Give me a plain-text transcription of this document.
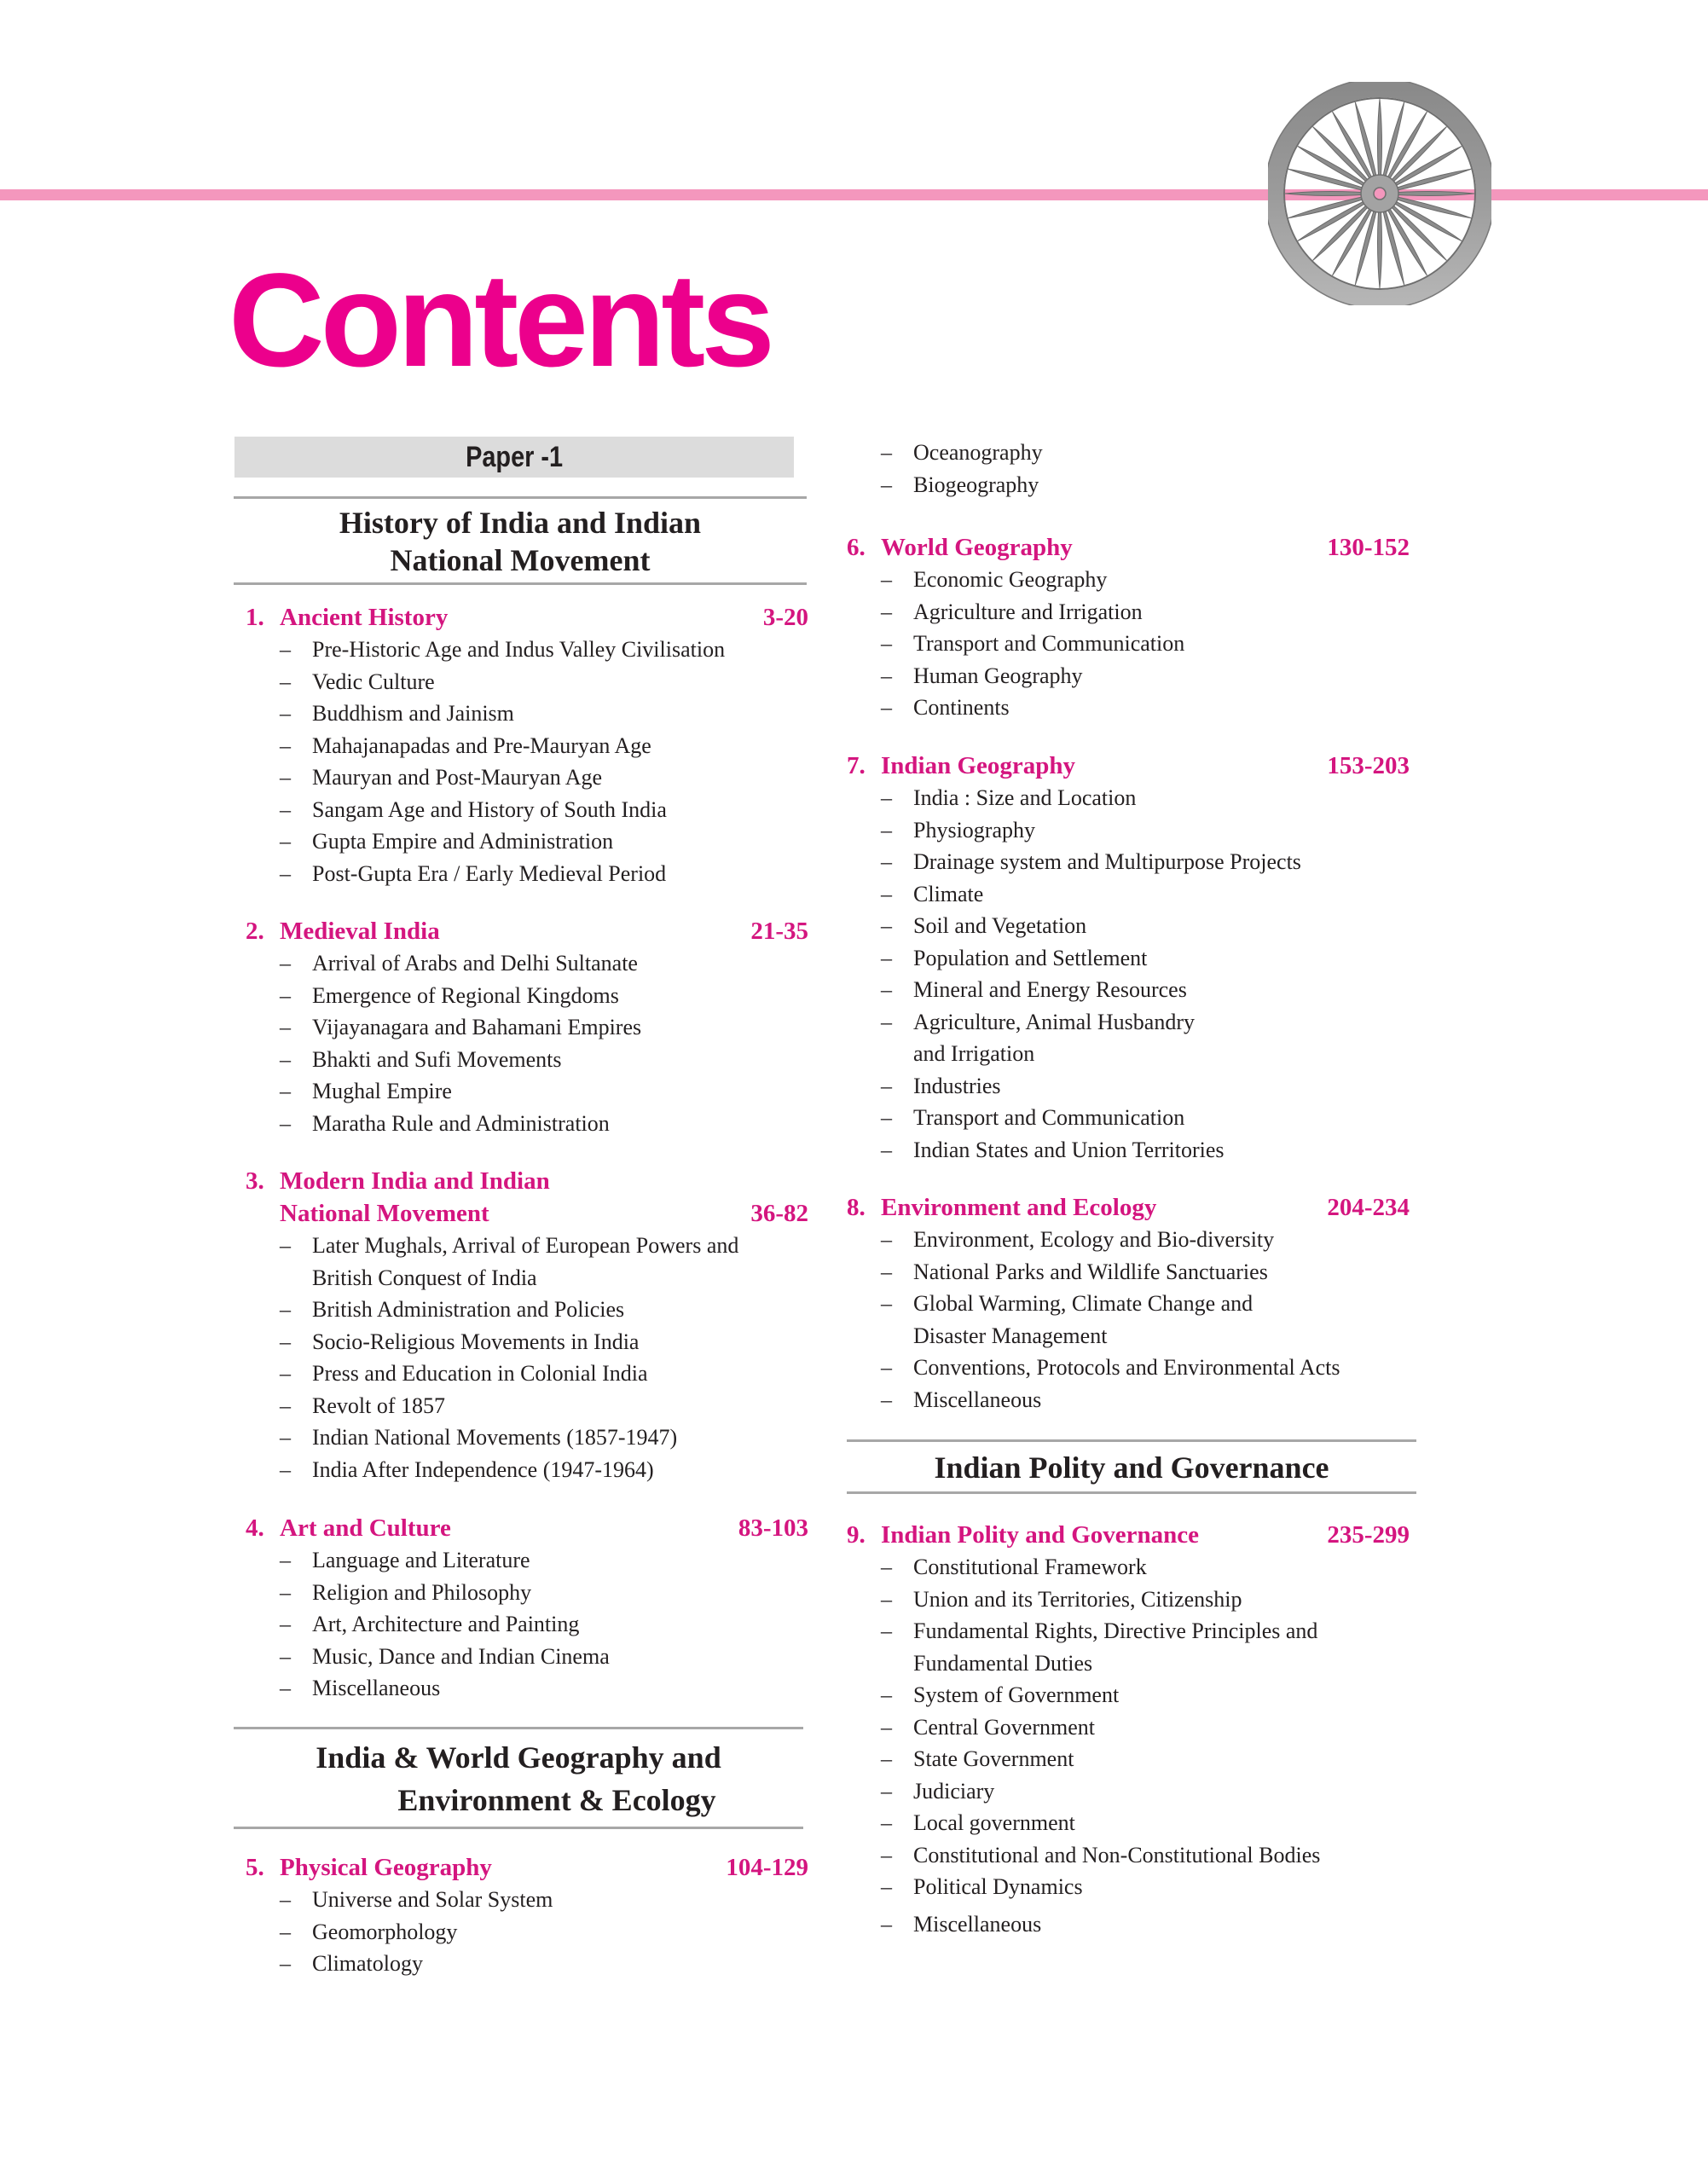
Contents
Paper -1
History of India and Indian
National Movement
1. Ancient History	3-20
– Pre-Historic Age and Indus Valley Civilisation
– Vedic Culture
– Buddhism and Jainism
– Mahajanapadas and Pre-Mauryan Age
– Mauryan and Post-Mauryan Age
– Sangam Age and History of South India
– Gupta Empire and Administration
– Post-Gupta Era / Early Medieval Period
2. Medieval India	21-35
– Arrival of Arabs and Delhi Sultanate
– Emergence of Regional Kingdoms
– Vijayanagara and Bahamani Empires
– Bhakti and Sufi Movements
– Mughal Empire
– Maratha Rule and Administration
3. Modern India and Indian
National Movement	36-82
– Later Mughals, Arrival of European Powers and
British Conquest of India
– British Administration and Policies
– Socio-Religious Movements in India
– Press and Education in Colonial India
– Revolt of 1857
– Indian National Movements (1857-1947)
– India After Independence (1947-1964)
4. Art and Culture	83-103
– Language and Literature
– Religion and Philosophy
– Art, Architecture and Painting
– Music, Dance and Indian Cinema
– Miscellaneous
India & World Geography and
Environment & Ecology
5. Physical Geography	104-129
– Universe and Solar System
– Geomorphology
– Climatology
– Oceanography
– Biogeography
6. World Geography	130-152
– Economic Geography
– Agriculture and Irrigation
– Transport and Communication
– Human Geography
– Continents
7. Indian Geography	153-203
– India : Size and Location
– Physiography
– Drainage system and Multipurpose Projects
– Climate
– Soil and Vegetation
– Population and Settlement
– Mineral and Energy Resources
– Agriculture, Animal Husbandry
and Irrigation
– Industries
– Transport and Communication
– Indian States and Union Territories
8. Environment and Ecology	204-234
– Environment, Ecology and Bio-diversity
– National Parks and Wildlife Sanctuaries
– Global Warming, Climate Change and
Disaster Management
– Conventions, Protocols and Environmental Acts
– Miscellaneous
Indian Polity and Governance
9. Indian Polity and Governance	235-299
– Constitutional Framework
– Union and its Territories, Citizenship
– Fundamental Rights, Directive Principles and
Fundamental Duties
– System of Government
– Central Government
– State Government
– Judiciary
– Local government
– Constitutional and Non-Constitutional Bodies
– Political Dynamics
– Miscellaneous
